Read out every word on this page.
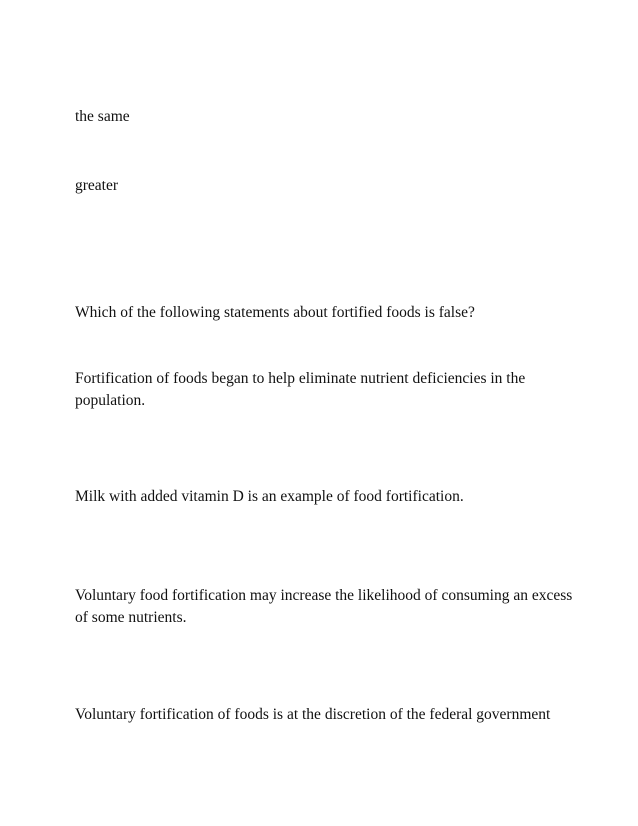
the same

greater

Which of the following statements about fortified foods is false?

Fortification of foods began to help eliminate nutrient deficiencies in the population.

Milk with added vitamin D is an example of food fortification.

Voluntary food fortification may increase the likelihood of consuming an excess of some nutrients.

Voluntary fortification of foods is at the discretion of the federal government
